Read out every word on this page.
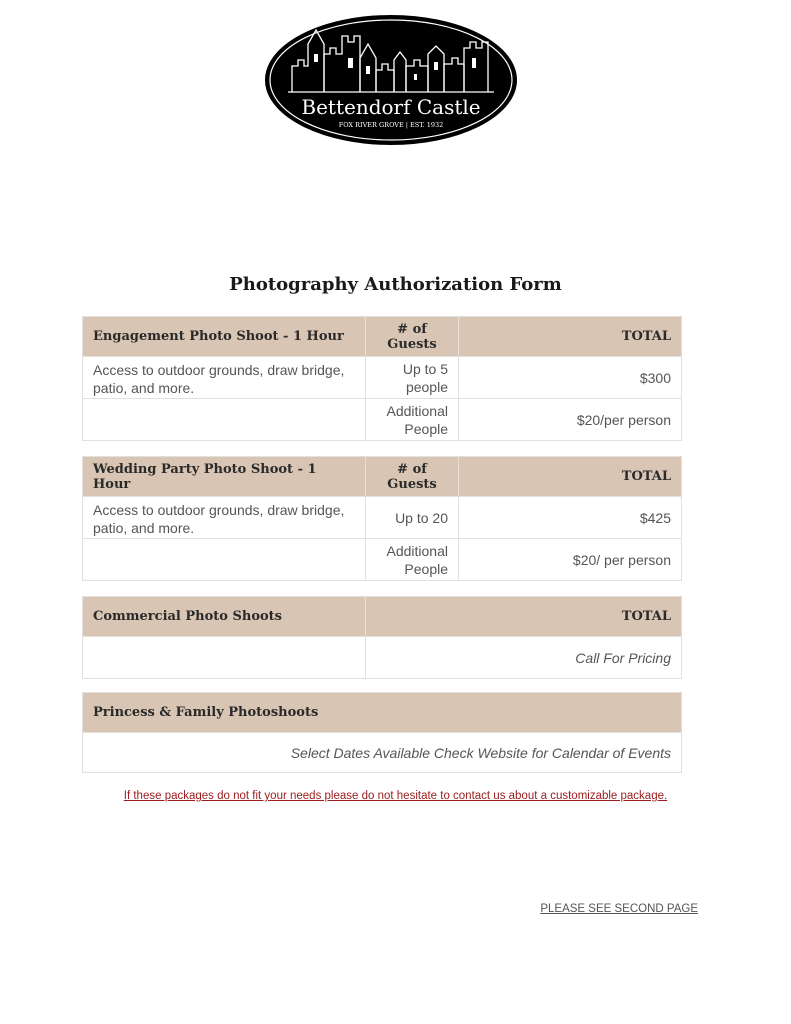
Bettendorf Castle
FOX RIVER GROVE | EST. 1932
Photography Authorization Form
Engagement Photo Shoot - 1 Hour	# of Guests	TOTAL
Access to outdoor grounds, draw bridge, patio, and more.	Up to 5 people	$300
	Additional People	$20/per person
Wedding Party Photo Shoot - 1 Hour	# of Guests	TOTAL
Access to outdoor grounds, draw bridge, patio, and more.	Up to 20	$425
	Additional People	$20/ per person
Commercial Photo Shoots	TOTAL
	Call For Pricing
Princess & Family Photoshoots
Select Dates Available Check Website for Calendar of Events
If these packages do not fit your needs please do not hesitate to contact us about a customizable package.
PLEASE SEE SECOND PAGE
